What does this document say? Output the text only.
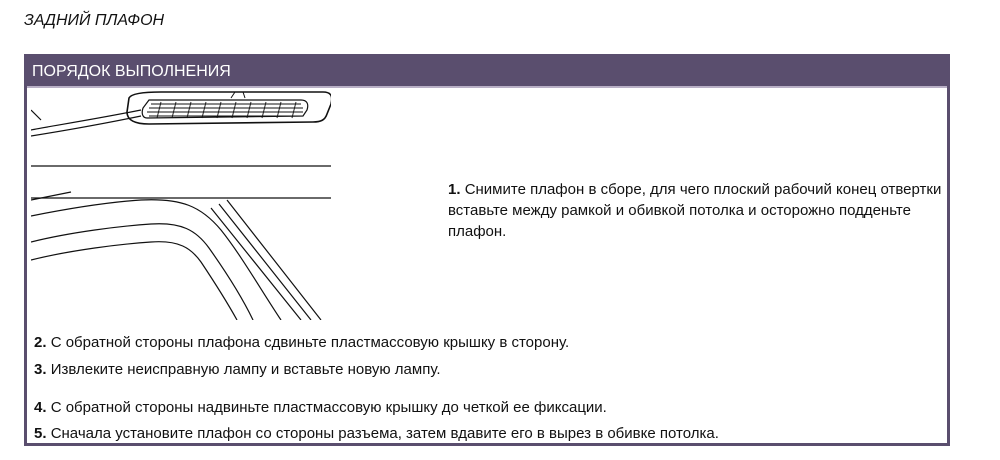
ЗАДНИЙ ПЛАФОН
ПОРЯДОК ВЫПОЛНЕНИЯ
1. Снимите плафон в сборе, для чего плоский рабочий конец отвертки вставьте между рамкой и обивкой потолка и осторожно подденьте плафон.
2. С обратной стороны плафона сдвиньте пластмассовую крышку в сторону.
3. Извлеките неисправную лампу и вставьте новую лампу.
4. С обратной стороны надвиньте пластмассовую крышку до четкой ее фиксации.
5. Сначала установите плафон со стороны разъема, затем вдавите его в вырез в обивке потолка.
